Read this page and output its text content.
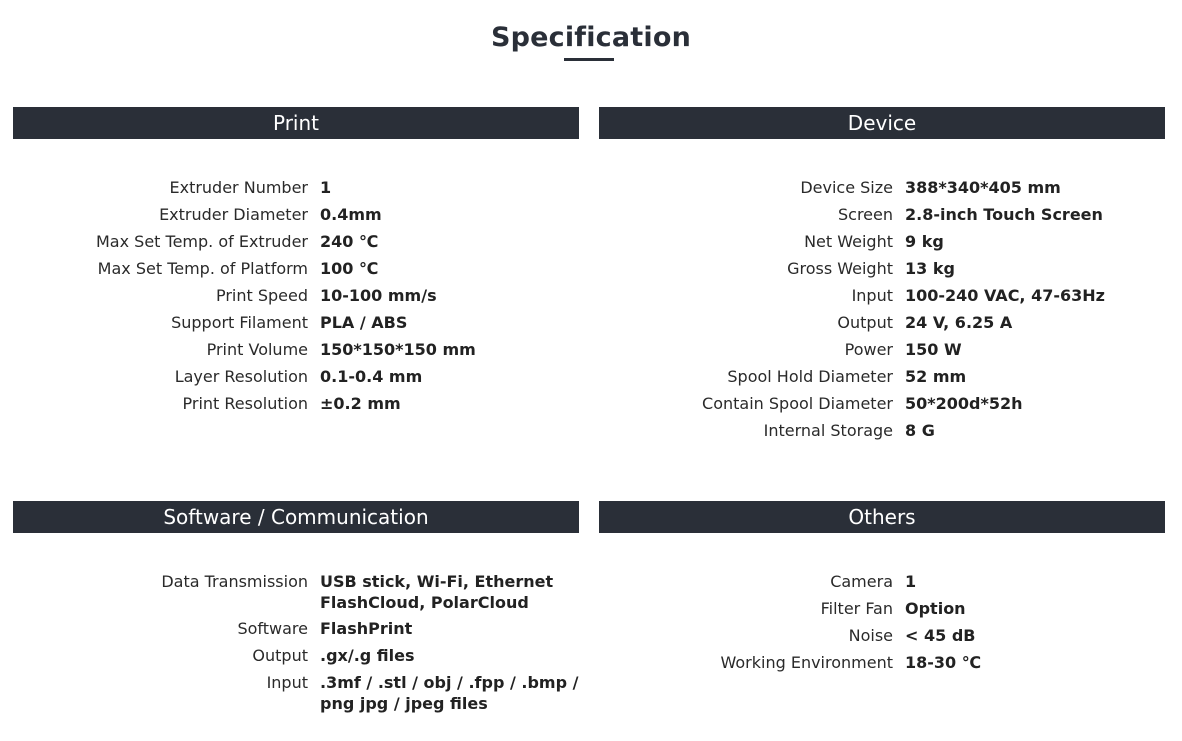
Specification
Print
Extruder Number 1
Extruder Diameter 0.4mm
Max Set Temp. of Extruder 240 ℃
Max Set Temp. of Platform 100 ℃
Print Speed 10-100 mm/s
Support Filament PLA / ABS
Print Volume 150*150*150 mm
Layer Resolution 0.1-0.4 mm
Print Resolution ±0.2 mm
Device
Device Size 388*340*405 mm
Screen 2.8-inch Touch Screen
Net Weight 9 kg
Gross Weight 13 kg
Input 100-240 VAC, 47-63Hz
Output 24 V, 6.25 A
Power 150 W
Spool Hold Diameter 52 mm
Contain Spool Diameter 50*200d*52h
Internal Storage 8 G
Software / Communication
Data Transmission USB stick, Wi-Fi, Ethernet
FlashCloud, PolarCloud
Software FlashPrint
Output .gx/.g files
Input .3mf / .stl / obj / .fpp / .bmp /
png jpg / jpeg files
Others
Camera 1
Filter Fan Option
Noise < 45 dB
Working Environment 18-30 ℃
